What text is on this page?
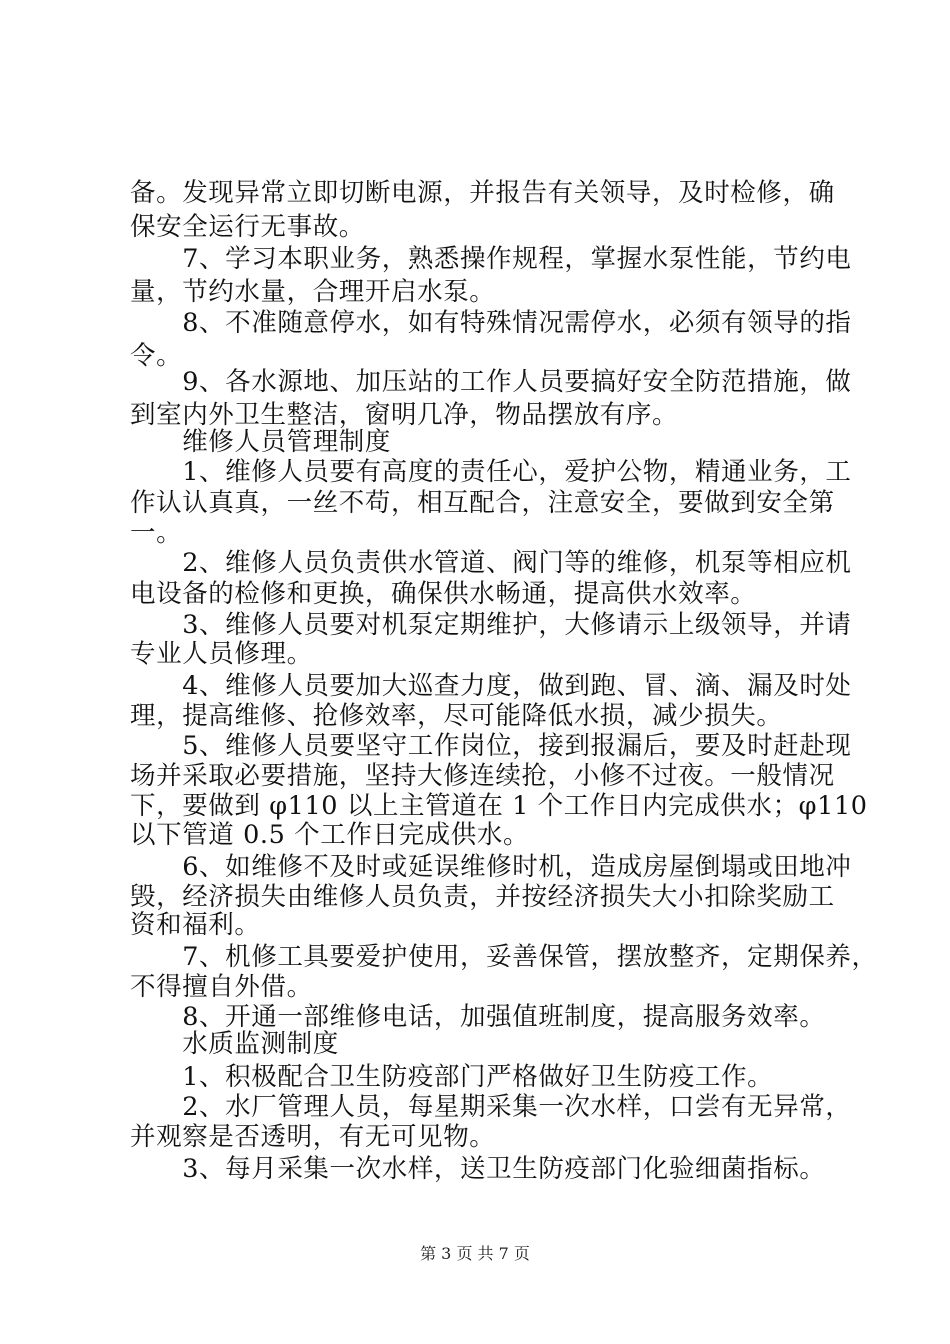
备。发现异常立即切断电源，并报告有关领导，及时检修，确
保安全运行无事故。
　　7、学习本职业务，熟悉操作规程，掌握水泵性能，节约电
量，节约水量，合理开启水泵。
　　8、不准随意停水，如有特殊情况需停水，必须有领导的指
令。
　　9、各水源地、加压站的工作人员要搞好安全防范措施，做
到室内外卫生整洁，窗明几净，物品摆放有序。
　　维修人员管理制度
　　1、维修人员要有高度的责任心，爱护公物，精通业务，工
作认认真真，一丝不苟，相互配合，注意安全，要做到安全第
一。
　　2、维修人员负责供水管道、阀门等的维修，机泵等相应机
电设备的检修和更换，确保供水畅通，提高供水效率。
　　3、维修人员要对机泵定期维护，大修请示上级领导，并请
专业人员修理。
　　4、维修人员要加大巡查力度，做到跑、冒、滴、漏及时处
理，提高维修、抢修效率，尽可能降低水损，减少损失。
　　5、维修人员要坚守工作岗位，接到报漏后，要及时赶赴现
场并采取必要措施，坚持大修连续抢，小修不过夜。一般情况
下，要做到 φ110 以上主管道在 1 个工作日内完成供水；φ110
以下管道 0.5 个工作日完成供水。
　　6、如维修不及时或延误维修时机，造成房屋倒塌或田地冲
毁，经济损失由维修人员负责，并按经济损失大小扣除奖励工
资和福利。
　　7、机修工具要爱护使用，妥善保管，摆放整齐，定期保养，
不得擅自外借。
　　8、开通一部维修电话，加强值班制度，提高服务效率。
　　水质监测制度
　　1、积极配合卫生防疫部门严格做好卫生防疫工作。
　　2、水厂管理人员，每星期采集一次水样，口尝有无异常，
并观察是否透明，有无可见物。
　　3、每月采集一次水样，送卫生防疫部门化验细菌指标。
第 3 页 共 7 页
